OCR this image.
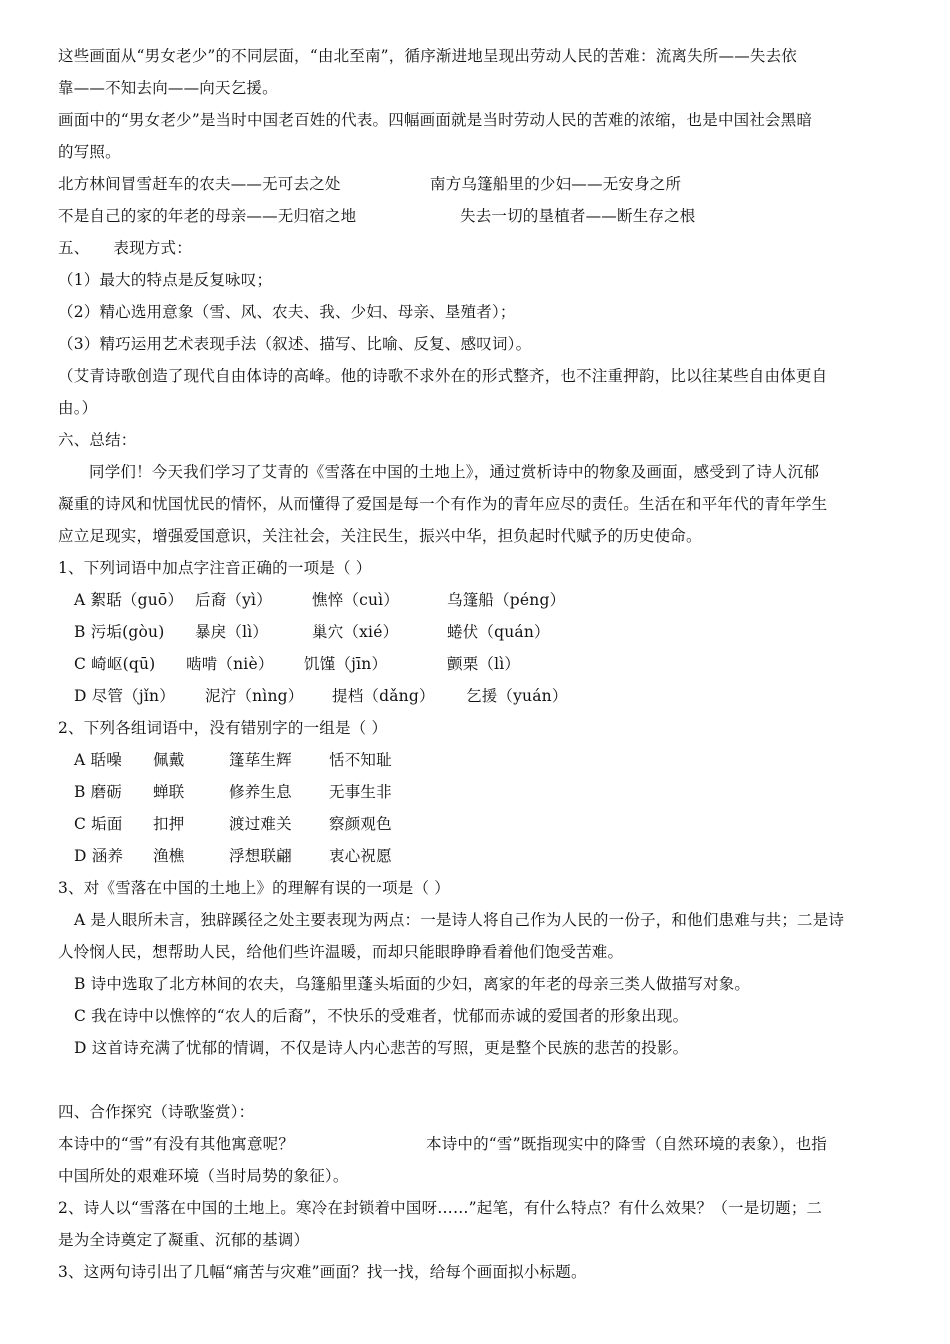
这些画面从“男女老少”的不同层面，“由北至南”，循序渐进地呈现出劳动人民的苦难：流离失所——失去依
靠——不知去向——向天乞援。
画面中的“男女老少”是当时中国老百姓的代表。四幅画面就是当时劳动人民的苦难的浓缩，也是中国社会黑暗
的写照。
北方林间冒雪赶车的农夫——无可去之处	南方乌篷船里的少妇——无安身之所
不是自己的家的年老的母亲——无归宿之地	失去一切的垦植者——断生存之根
五、 表现方式：
（1）最大的特点是反复咏叹；
（2）精心选用意象（雪、风、农夫、我、少妇、母亲、垦殖者）；
（3）精巧运用艺术表现手法（叙述、描写、比喻、反复、感叹词）。
（艾青诗歌创造了现代自由体诗的高峰。他的诗歌不求外在的形式整齐，也不注重押韵，比以往某些自由体更自
由。）
六、总结：
同学们！今天我们学习了艾青的《雪落在中国的土地上》，通过赏析诗中的物象及画面，感受到了诗人沉郁
凝重的诗风和忧国忧民的情怀，从而懂得了爱国是每一个有作为的青年应尽的责任。生活在和平年代的青年学生
应立足现实，增强爱国意识，关注社会，关注民生，振兴中华，担负起时代赋予的历史使命。
1、下列词语中加点字注音正确的一项是（ ）
A 絮聒（guō） 后裔（yì）	憔悴（cuì）	乌篷船（péng）
B 污垢(gòu) 暴戾（lì）	巢穴（xié）	蜷伏（quán）
C 崎岖(qū) 啮啃（niè） 饥馑（jīn）	颤栗（lì）
D 尽管（jǐn） 泥泞（nìng） 提档（dǎng） 乞援（yuán）
2、下列各组词语中，没有错别字的一组是（ ）
A 聒噪 佩戴	篷荜生辉 恬不知耻
B 磨砺 蝉联	修养生息 无事生非
C 垢面 扣押	渡过难关 察颜观色
D 涵养 渔樵	浮想联翩 衷心祝愿
3、对《雪落在中国的土地上》的理解有误的一项是（ ）
A 是人眼所未言，独辟蹊径之处主要表现为两点：一是诗人将自己作为人民的一份子，和他们患难与共；二是诗
人怜悯人民，想帮助人民，给他们些许温暖，而却只能眼睁睁看着他们饱受苦难。
B 诗中选取了北方林间的农夫，乌篷船里蓬头垢面的少妇，离家的年老的母亲三类人做描写对象。
C 我在诗中以憔悴的“农人的后裔”，不快乐的受难者，忧郁而赤诚的爱国者的形象出现。
D 这首诗充满了忧郁的情调，不仅是诗人内心悲苦的写照，更是整个民族的悲苦的投影。
四、合作探究（诗歌鉴赏）：
本诗中的“雪”有没有其他寓意呢？	本诗中的“雪”既指现实中的降雪（自然环境的表象），也指
中国所处的艰难环境（当时局势的象征）。
2、诗人以“雪落在中国的土地上。寒冷在封锁着中国呀……”起笔，有什么特点？有什么效果？（一是切题；二
是为全诗奠定了凝重、沉郁的基调）
3、这两句诗引出了几幅“痛苦与灾难”画面？找一找，给每个画面拟小标题。
